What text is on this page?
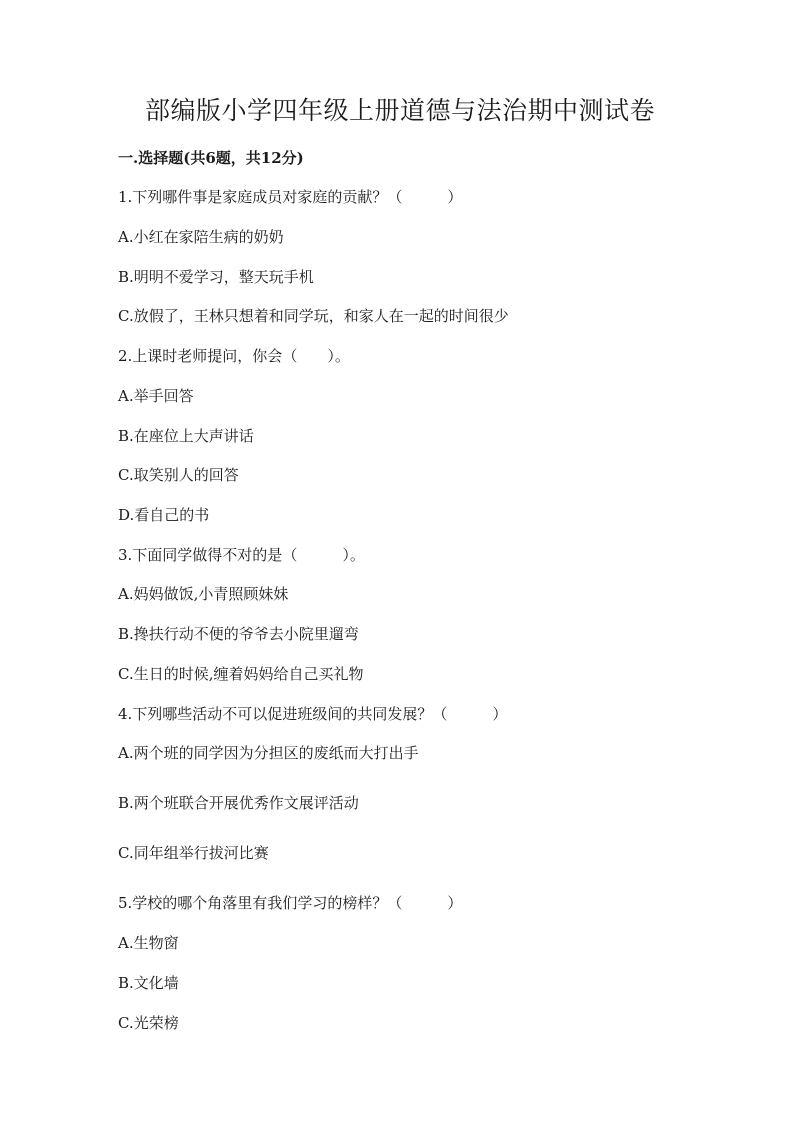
部编版小学四年级上册道德与法治期中测试卷
一.选择题(共6题，共12分)
1.下列哪件事是家庭成员对家庭的贡献？（　　　）
A.小红在家陪生病的奶奶
B.明明不爱学习，整天玩手机
C.放假了，王林只想着和同学玩，和家人在一起的时间很少
2.上课时老师提问，你会（　　）。
A.举手回答
B.在座位上大声讲话
C.取笑别人的回答
D.看自己的书
3.下面同学做得不对的是（　　　）。
A.妈妈做饭,小青照顾妹妹
B.搀扶行动不便的爷爷去小院里遛弯
C.生日的时候,缠着妈妈给自己买礼物
4.下列哪些活动不可以促进班级间的共同发展？（　　　）
A.两个班的同学因为分担区的废纸而大打出手
B.两个班联合开展优秀作文展评活动
C.同年组举行拔河比赛
5.学校的哪个角落里有我们学习的榜样？（　　　）
A.生物窗
B.文化墙
C.光荣榜
